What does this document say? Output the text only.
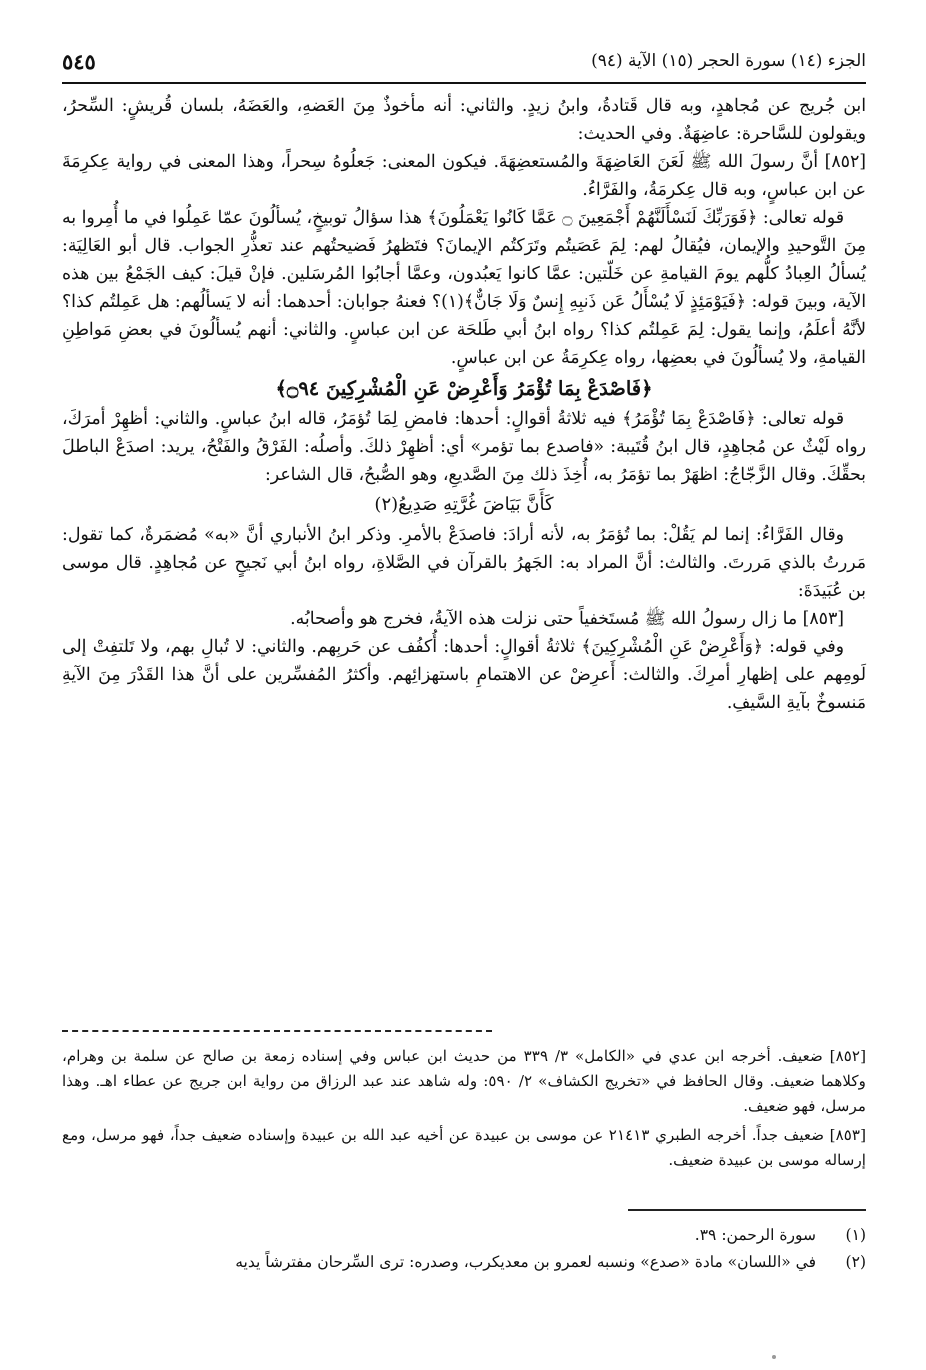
الجزء (١٤) سورة الحجر (١٥) الآية (٩٤)
٥٤٥

ابن جُريج عن مُجاهدٍ، وبه قال قَتادةُ، وابنُ زيدٍ. والثاني: أنه مأخوذٌ مِنَ العَضهِ، والعَضَهُ، بلسان قُريشٍ: السِّحرُ، ويقولون للسَّاحرة: عاضِهَةٌ. وفي الحديث:

[٨٥٢] أنَّ رسولَ الله ﷺ لَعَنَ العَاضِهَةَ والمُستعضِهَةَ. فيكون المعنى: جَعلُوهُ سِحراً، وهذا المعنى في رواية عِكرِمَةَ عن ابن عباسٍ، وبه قال عِكرمَةُ، والفَرَّاءُ.

قوله تعالى: ﴿فَوَرَبِّكَ لَنَسْأَلَنَّهُمْ أَجْمَعِينَ ۝ عَمَّا كَانُوا يَعْمَلُونَ﴾ هذا سؤالُ توبيخٍ، يُسألُونَ عمّا عَمِلُوا في ما أُمِروا به مِنَ التَّوحيدِ والإيمان، فيُقالُ لهم: لِمَ عَصَيتُم وتَرَكتُم الإيمانَ؟ فتَظهرُ فَضيحتُهم عند تعذُّرِ الجواب. قال أبو العَالِيَة: يُسألُ العِبادُ كلُّهم يومَ القيامةِ عن خَلّتين: عمَّا كانوا يَعبُدون، وعمَّا أجابُوا المُرسَلين. فإنْ قيلَ: كيف الجَمْعُ بين هذه الآية، وبينَ قوله: ﴿فَيَوْمَئِذٍ لَا يُسْأَلُ عَن ذَنبِهِ إِنسٌ وَلَا جَانٌّ﴾(١)؟ فعنهُ جوابان: أحدهما: أنه لا يَسألُهم: هل عَمِلتُم كذا؟ لأنَّهُ أعلَمُ، وإنما يقول: لِمَ عَمِلتُم كذا؟ رواه ابنُ أبي طَلحَة عن ابن عباسٍ. والثاني: أنهم يُسألُونَ في بعضِ مَواطِنِ القيامةِ، ولا يُسألُونَ في بعضِها، رواه عِكرِمَةُ عن ابن عباسٍ.

﴿فَاصْدَعْ بِمَا تُؤْمَرُ وَأَعْرِضْ عَنِ الْمُشْرِكِينَ ۝٩٤﴾

قوله تعالى: ﴿فَاصْدَعْ بِمَا تُؤْمَرُ﴾ فيه ثلاثةُ أقوالٍ: أحدها: فامضِ لِمَا تُؤمَرُ، قاله ابنُ عباسٍ. والثاني: أظهِرْ أمرَكَ، رواه لَيْثٌ عن مُجاهِدٍ، قال ابنُ قُتَيبة: «فاصدع بما تؤمر» أي: أظهِرْ ذلكَ. وأصلُه: الفَرْقُ والفَتْحُ، يريد: اصدَعْ الباطلَ بحقِّكَ. وقال الزَّجّاجُ: اظهَرْ بما تؤمَرُ به، أُخِذَ ذلك مِنَ الصَّديعِ، وهو الصُّبحُ، قال الشاعر:

كَأَنَّ بَيَاضَ غُرَّتِهِ صَدِيعُ(٢)

وقال الفَرَّاءُ: إنما لم يَقُلْ: بما تُؤمَرُ به، لأنه أرادَ: فاصدَعْ بالأمرِ. وذكر ابنُ الأنباري أنَّ «به» مُضمَرةٌ، كما تقول: مَررتُ بالذي مَررتَ. والثالث: أنَّ المراد به: الجَهرُ بالقرآن في الصَّلاةِ، رواه ابنُ أبي نَجيحٍ عن مُجاهِدٍ. قال موسى بن عُبَيدَةَ:

[٨٥٣] ما زال رسولُ الله ﷺ مُستَخفياً حتى نزلت هذه الآيةُ، فخرج هو وأصحابُه.

وفي قوله: ﴿وَأَعْرِضْ عَنِ الْمُشْرِكِينَ﴾ ثلاثةُ أقوالٍ: أحدها: أُكفُف عن حَربِهم. والثاني: لا تُبالِ بهم، ولا تَلتفِتْ إلى لَومِهم على إظهارِ أمرِكَ. والثالث: أَعرِضْ عن الاهتمامِ باستهزائِهم. وأكثرُ المُفسِّرين على أنَّ هذا القَدْرَ مِنَ الآيةِ مَنسوخٌ بآيةِ السَّيفِ.

[٨٥٢] ضعيف. أخرجه ابن عدي في «الكامل» ٣/ ٣٣٩ من حديث ابن عباس وفي إسناده زمعة بن صالح عن سلمة بن وهرام، وكلاهما ضعيف. وقال الحافظ في «تخريج الكشاف» ٢/ ٥٩٠: وله شاهد عند عبد الرزاق من رواية ابن جريج عن عطاء اهـ. وهذا مرسل، فهو ضعيف.

[٨٥٣] ضعيف جداً. أخرجه الطبري ٢١٤١٣ عن موسى بن عبيدة عن أخيه عبد الله بن عبيدة وإسناده ضعيف جداً، فهو مرسل، ومع إرساله موسى بن عبيدة ضعيف.

(١)
سورة الرحمن: ٣٩.
(٢)
في «اللسان» مادة «صدع» ونسبه لعمرو بن معديكرب، وصدره: ترى السِّرحان مفترشاً يديه
